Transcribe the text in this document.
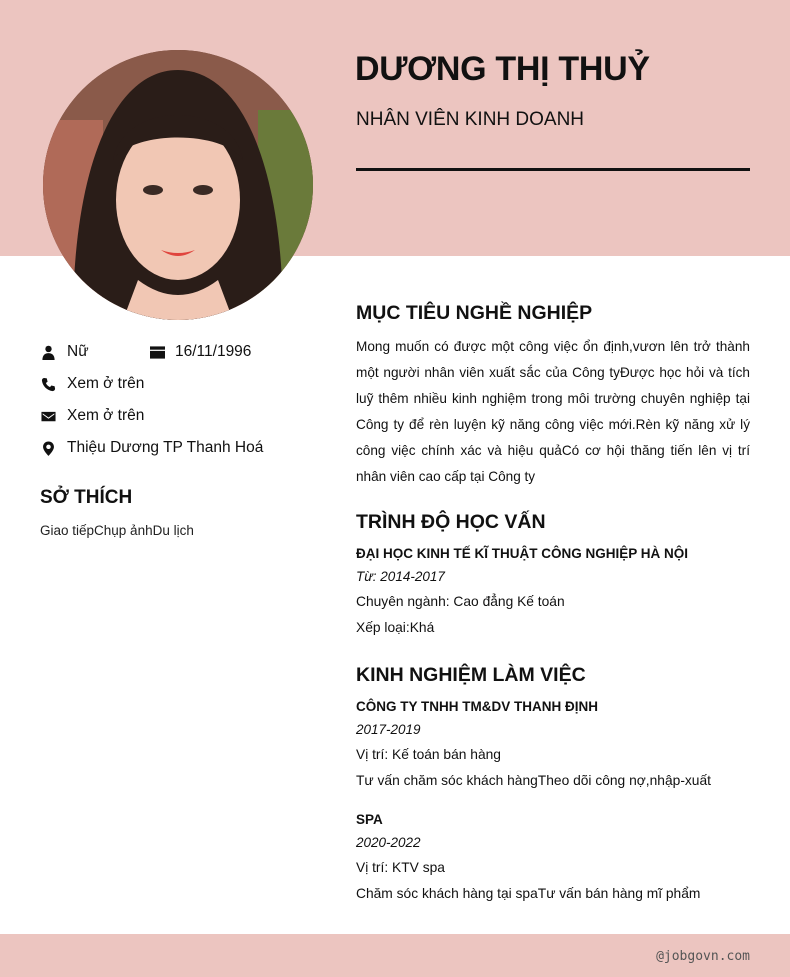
DƯƠNG THỊ THUỶ
NHÂN VIÊN KINH DOANH
Nữ	16/11/1996
Xem ở trên
Xem ở trên
Thiệu Dương TP Thanh Hoá
SỞ THÍCH
Giao tiếpChụp ảnhDu lịch
MỤC TIÊU NGHỀ NGHIỆP
Mong muốn có được một công việc ổn định,vươn lên trở thành một người nhân viên xuất sắc của Công tyĐược học hỏi và tích luỹ thêm nhiều kinh nghiệm trong môi trường chuyên nghiệp tại Công ty để rèn luyện kỹ năng công việc mới.Rèn kỹ năng xử lý công việc chính xác và hiệu quảCó cơ hội thăng tiến lên vị trí nhân viên cao cấp tại Công ty
TRÌNH ĐỘ HỌC VẤN
ĐẠI HỌC KINH TẾ KĨ THUẬT CÔNG NGHIỆP HÀ NỘI
Từ: 2014-2017
Chuyên ngành: Cao đẳng Kế toán
Xếp loại:Khá
KINH NGHIỆM LÀM VIỆC
CÔNG TY TNHH TM&DV THANH ĐỊNH
2017-2019
Vị trí: Kế toán bán hàng
Tư vấn chăm sóc khách hàngTheo dõi công nợ,nhập-xuất
SPA
2020-2022
Vị trí: KTV spa
Chăm sóc khách hàng tại spaTư vấn bán hàng mĩ phẩm
@jobgovn.com
